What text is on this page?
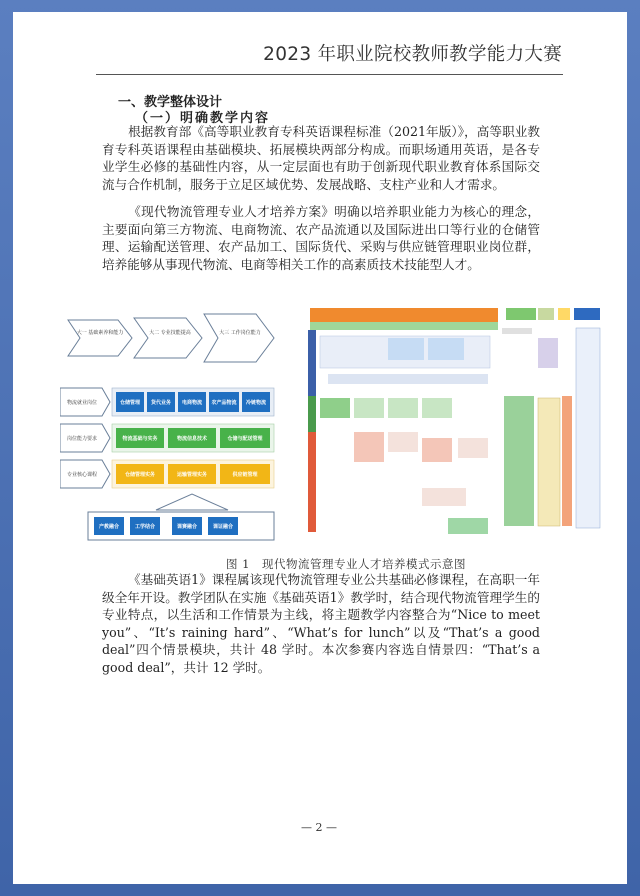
2023 年职业院校教师教学能力大赛
一、教学整体设计
（一）明确教学内容
根据教育部《高等职业教育专科英语课程标准（2021年版）》，高等职业教育专科英语课程由基础模块、拓展模块两部分构成。而职场通用英语，是各专业学生必修的基础性内容，从一定层面也有助于创新现代职业教育体系国际交流与合作机制，服务于立足区域优势、发展战略、支柱产业和人才需求。
《现代物流管理专业人才培养方案》明确以培养职业能力为核心的理念，主要面向第三方物流、电商物流、农产品流通以及国际进出口等行业的仓储管理、运输配送管理、农产品加工、国际货代、采购与供应链管理职业岗位群，培养能够从事现代物流、电商等相关工作的高素质技术技能型人才。
大一 基础素养和能力	大二 专业技能提高	大三 工作岗位能力
物流就业岗位
岗位能力要求
专业核心课程
仓储管理 货代业务 电商物流 农产品物流 冷链物流
物流基础与实务	物流信息技术	仓储与配送管理
仓储管理实务	运输管理实务	供应链管理
产教融合	工学结合	课赛融合	课证融合
图 1　现代物流管理专业人才培养模式示意图
《基础英语1》课程属该现代物流管理专业公共基础必修课程，在高职一年级全年开设。教学团队在实施《基础英语1》教学时，结合现代物流管理学生的专业特点，以生活和工作情景为主线，将主题教学内容整合为“Nice to meet you”、“It’s raining hard”、“What’s for lunch”以及“That’s a good deal”四个情景模块，共计 48 学时。本次参赛内容选自情景四：“That’s a good deal”，共计 12 学时。
— 2 —
